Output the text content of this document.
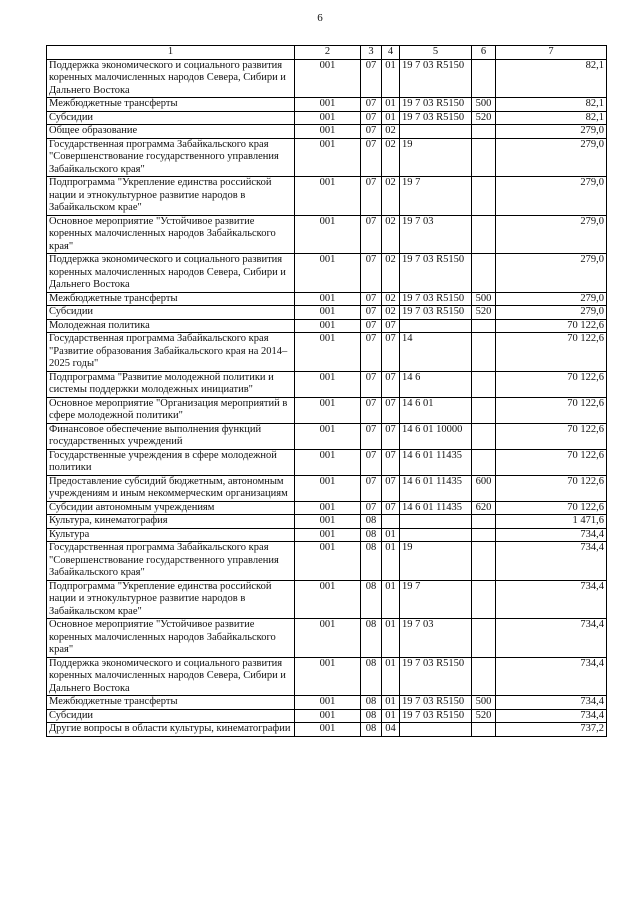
6
1	2	3	4	5	6	7
Поддержка экономического и социального развития коренных малочисленных народов Севера, Сибири и Дальнего Востока	001	07	01	19 7 03 R5150		82,1
Межбюджетные трансферты	001	07	01	19 7 03 R5150	500	82,1
Субсидии	001	07	01	19 7 03 R5150	520	82,1
Общее образование	001	07	02			279,0
Государственная программа Забайкальского края "Совершенствование государственного управления Забайкальского края"	001	07	02	19		279,0
Подпрограмма "Укрепление единства российской нации и этнокультурное развитие народов в Забайкальском крае"	001	07	02	19 7		279,0
Основное мероприятие "Устойчивое развитие коренных малочисленных народов Забайкальского края"	001	07	02	19 7 03		279,0
Поддержка экономического и социального развития коренных малочисленных народов Севера, Сибири и Дальнего Востока	001	07	02	19 7 03 R5150		279,0
Межбюджетные трансферты	001	07	02	19 7 03 R5150	500	279,0
Субсидии	001	07	02	19 7 03 R5150	520	279,0
Молодежная политика	001	07	07			70 122,6
Государственная программа Забайкальского края "Развитие образования Забайкальского края на 2014–2025 годы"	001	07	07	14		70 122,6
Подпрограмма "Развитие молодежной политики и системы поддержки молодежных инициатив"	001	07	07	14 6		70 122,6
Основное мероприятие "Организация мероприятий в сфере молодежной политики"	001	07	07	14 6 01		70 122,6
Финансовое обеспечение выполнения функций государственных учреждений	001	07	07	14 6 01 10000		70 122,6
Государственные учреждения в сфере молодежной политики	001	07	07	14 6 01 11435		70 122,6
Предоставление субсидий бюджетным, автономным учреждениям и иным некоммерческим организациям	001	07	07	14 6 01 11435	600	70 122,6
Субсидии автономным учреждениям	001	07	07	14 6 01 11435	620	70 122,6
Культура, кинематография	001	08				1 471,6
Культура	001	08	01			734,4
Государственная программа Забайкальского края "Совершенствование государственного управления Забайкальского края"	001	08	01	19		734,4
Подпрограмма "Укрепление единства российской нации и этнокультурное развитие народов в Забайкальском крае"	001	08	01	19 7		734,4
Основное мероприятие "Устойчивое развитие коренных малочисленных народов Забайкальского края"	001	08	01	19 7 03		734,4
Поддержка экономического и социального развития коренных малочисленных народов Севера, Сибири и Дальнего Востока	001	08	01	19 7 03 R5150		734,4
Межбюджетные трансферты	001	08	01	19 7 03 R5150	500	734,4
Субсидии	001	08	01	19 7 03 R5150	520	734,4
Другие вопросы в области культуры, кинематографии	001	08	04			737,2
